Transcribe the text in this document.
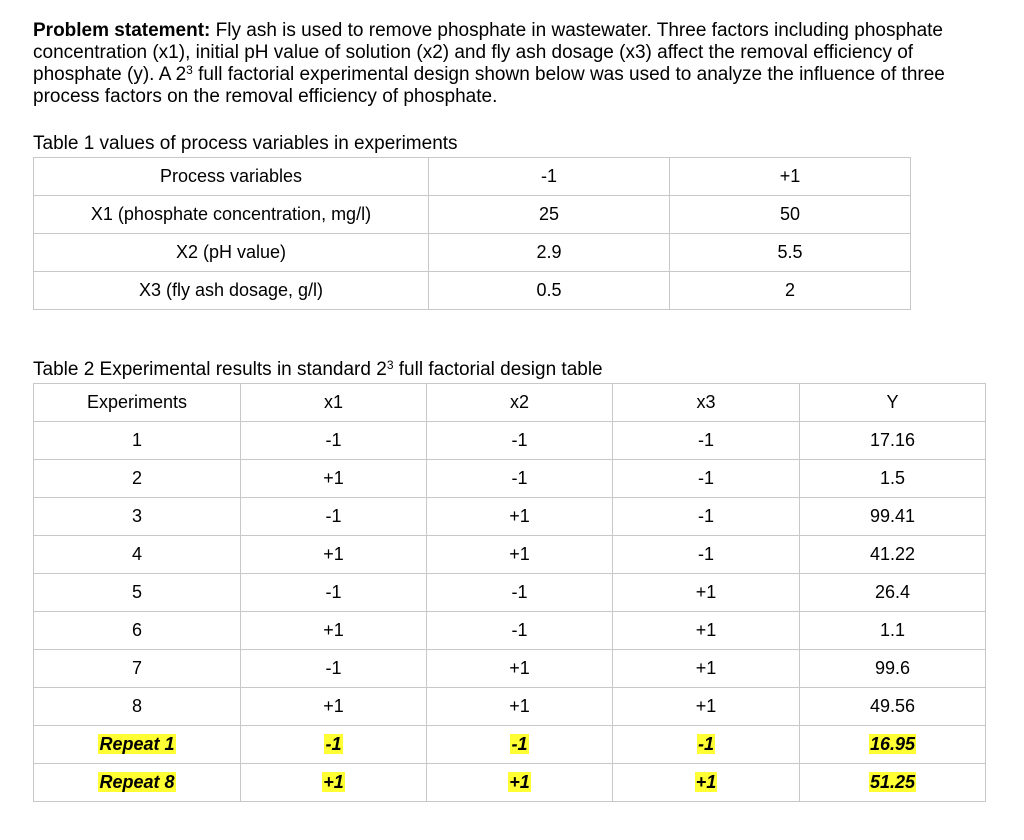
Problem statement: Fly ash is used to remove phosphate in wastewater. Three factors including phosphate concentration (x1), initial pH value of solution (x2) and fly ash dosage (x3) affect the removal efficiency of phosphate (y). A $2^3$ full factorial experimental design shown below was used to analyze the influence of three process factors on the removal efficiency of phosphate.

Table 1 values of process variables in experiments

Process variables	-1	+1
X1 (phosphate concentration, mg/l)	25	50
X2 (pH value)	2.9	5.5
X3 (fly ash dosage, g/l)	0.5	2

Table 2 Experimental results in standard $2^3$ full factorial design table

Experiments	x1	x2	x3	Y
1	-1	-1	-1	17.16
2	+1	-1	-1	1.5
3	-1	+1	-1	99.41
4	+1	+1	-1	41.22
5	-1	-1	+1	26.4
6	+1	-1	+1	1.1
7	-1	+1	+1	99.6
8	+1	+1	+1	49.56
Repeat 1	-1	-1	-1	16.95
Repeat 8	+1	+1	+1	51.25
